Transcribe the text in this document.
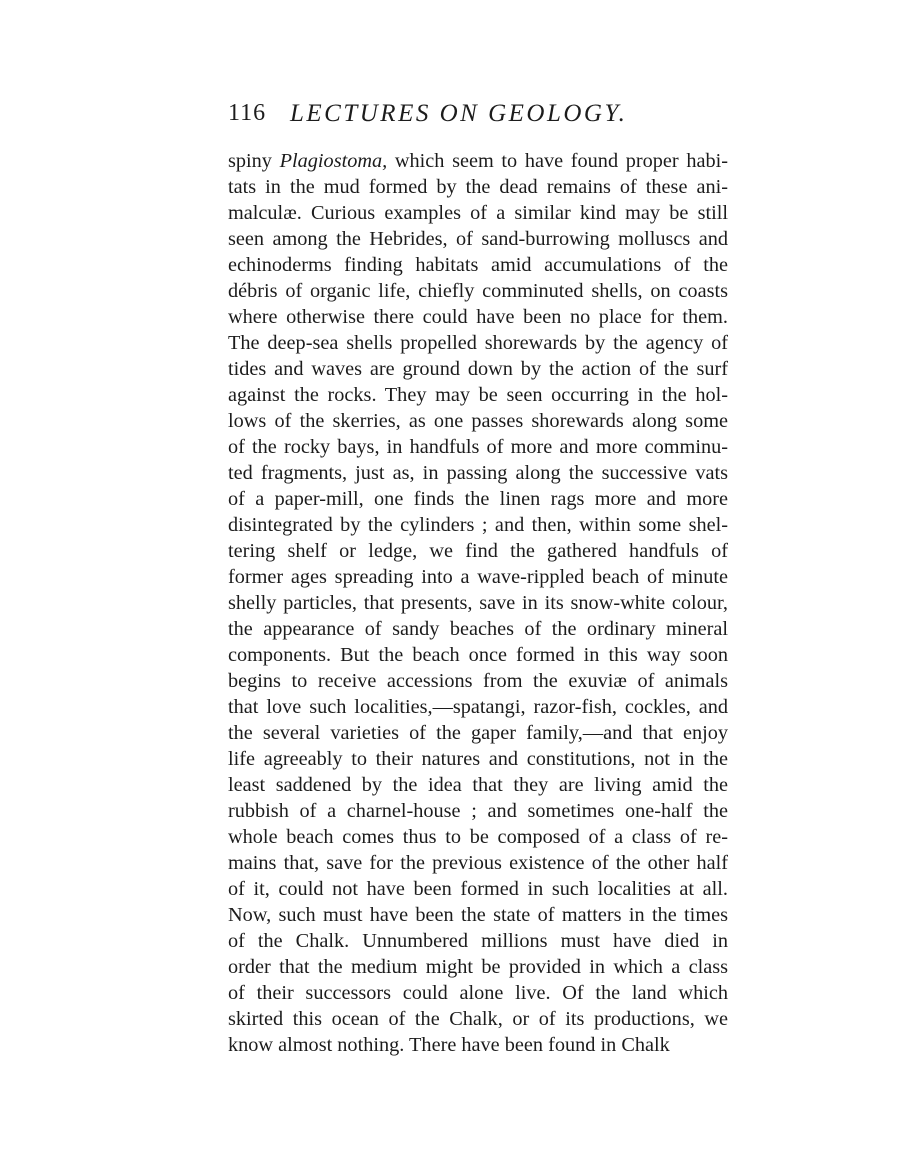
116 LECTURES ON GEOLOGY.
spiny Plagiostoma, which seem to have found proper habi-
tats in the mud formed by the dead remains of these ani-
malculæ. Curious examples of a similar kind may be still
seen among the Hebrides, of sand-burrowing molluscs and
echinoderms finding habitats amid accumulations of the
débris of organic life, chiefly comminuted shells, on coasts
where otherwise there could have been no place for them.
The deep-sea shells propelled shorewards by the agency of
tides and waves are ground down by the action of the surf
against the rocks. They may be seen occurring in the hol-
lows of the skerries, as one passes shorewards along some
of the rocky bays, in handfuls of more and more comminu-
ted fragments, just as, in passing along the successive vats
of a paper-mill, one finds the linen rags more and more
disintegrated by the cylinders ; and then, within some shel-
tering shelf or ledge, we find the gathered handfuls of
former ages spreading into a wave-rippled beach of minute
shelly particles, that presents, save in its snow-white colour,
the appearance of sandy beaches of the ordinary mineral
components. But the beach once formed in this way soon
begins to receive accessions from the exuviæ of animals
that love such localities,—spatangi, razor-fish, cockles, and
the several varieties of the gaper family,—and that enjoy
life agreeably to their natures and constitutions, not in the
least saddened by the idea that they are living amid the
rubbish of a charnel-house ; and sometimes one-half the
whole beach comes thus to be composed of a class of re-
mains that, save for the previous existence of the other half
of it, could not have been formed in such localities at all.
Now, such must have been the state of matters in the times
of the Chalk. Unnumbered millions must have died in
order that the medium might be provided in which a class
of their successors could alone live. Of the land which
skirted this ocean of the Chalk, or of its productions, we
know almost nothing. There have been found in Chalk
